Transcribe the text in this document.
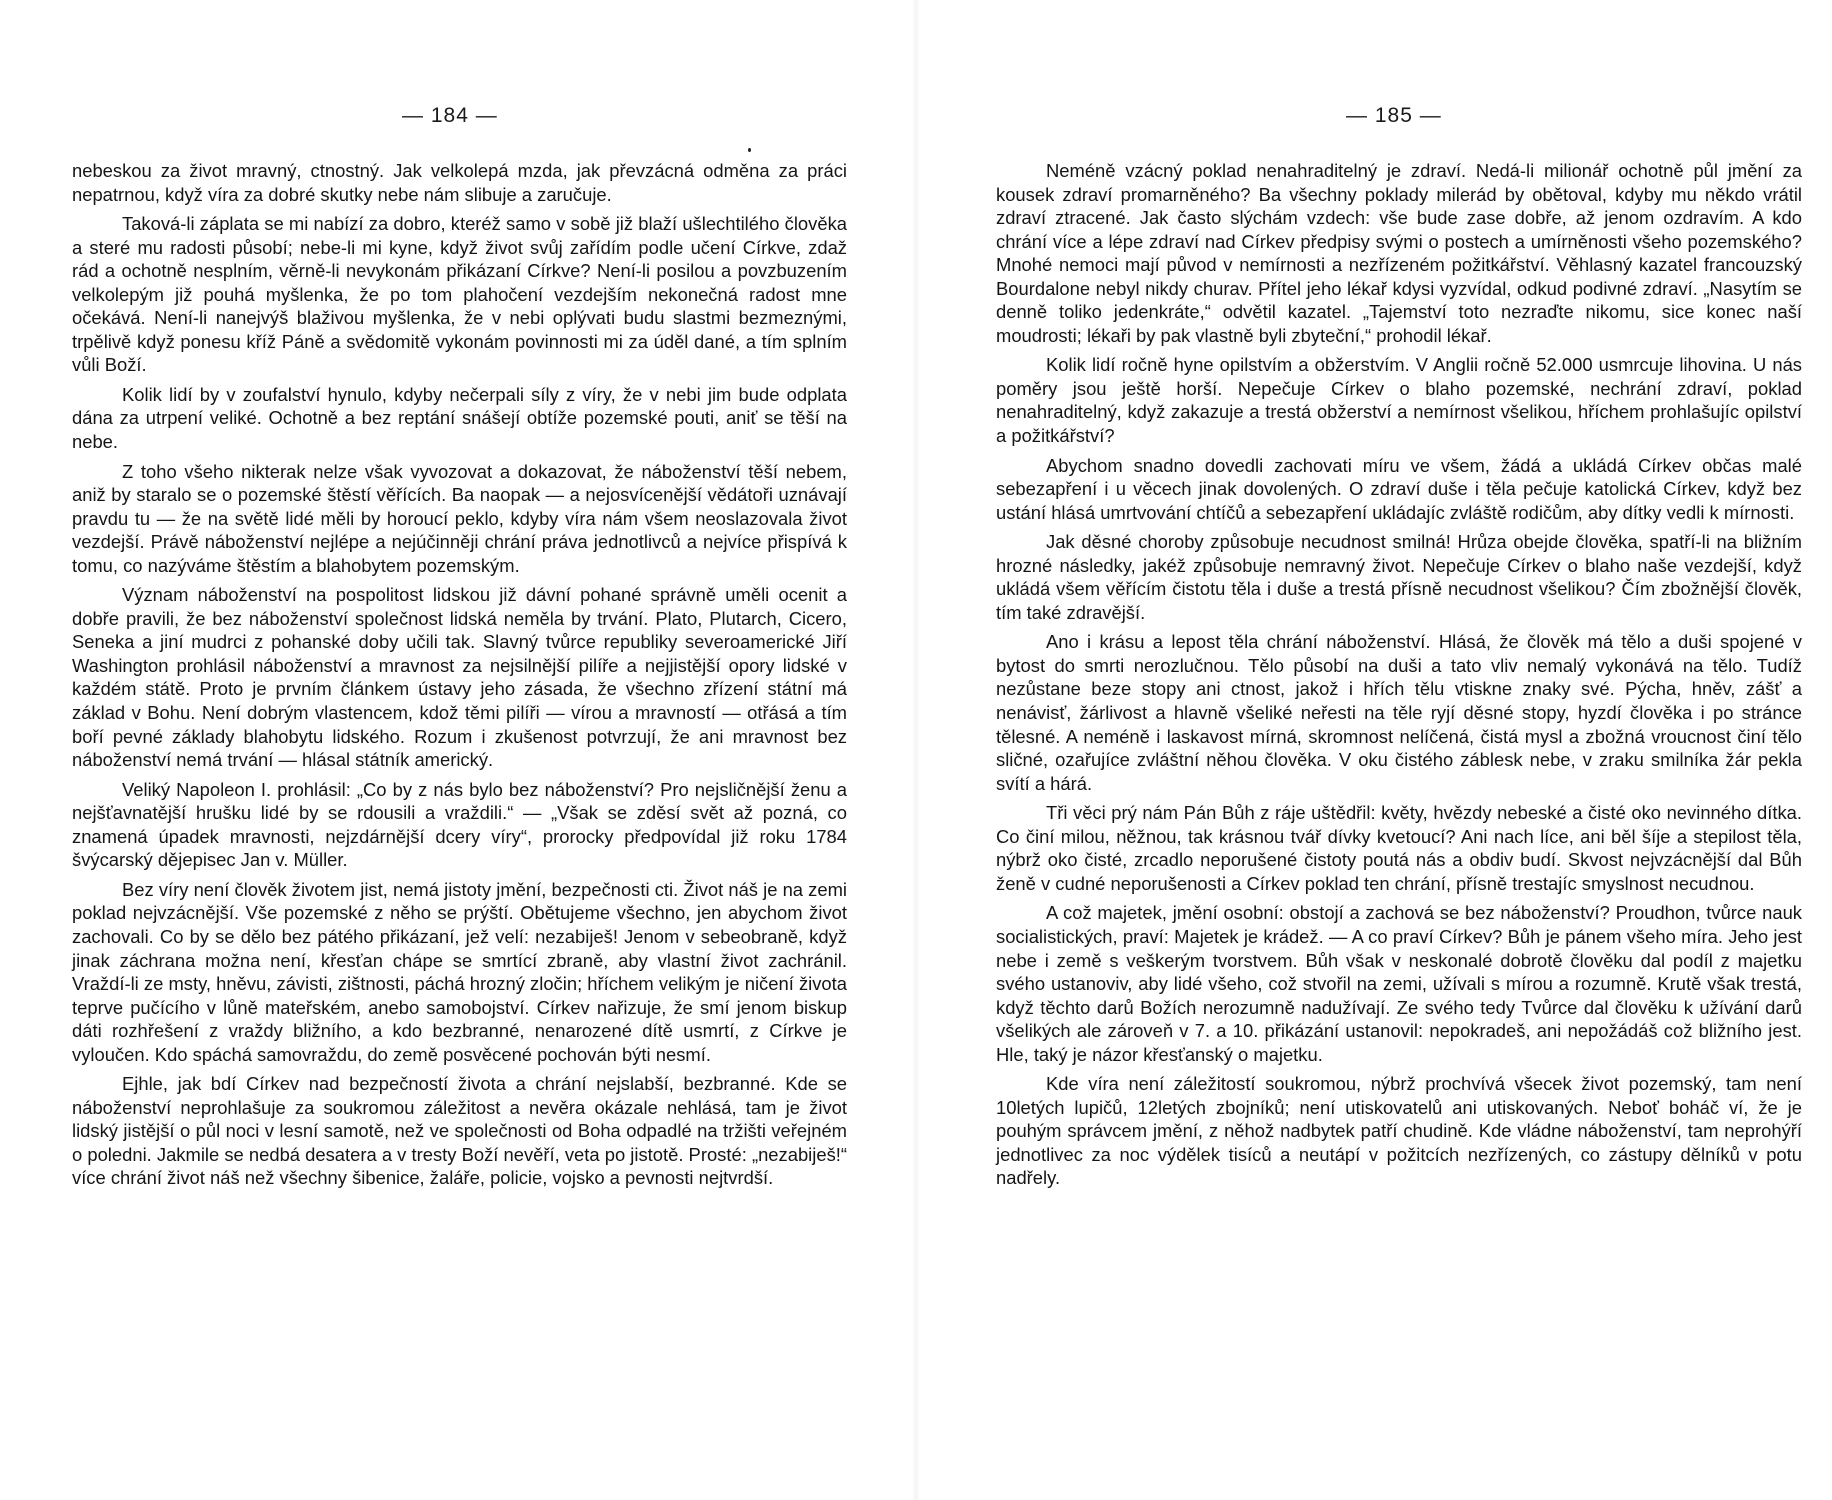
— 184 —

nebeskou za život mravný, ctnostný. Jak velkolepá mzda, jak převzácná odměna za práci nepatrnou, když víra za dobré skutky nebe nám slibuje a zaručuje.

Taková-li záplata se mi nabízí za dobro, kteréž samo v sobě již blaží ušlechtilého člověka a steré mu radosti působí; nebe-li mi kyne, když život svůj zařídím podle učení Církve, zdaž rád a ochotně nesplním, věrně-li nevykonám přikázaní Církve? Není-li posilou a povzbuzením velkolepým již pouhá myšlenka, že po tom plahočení vezdejším nekonečná radost mne očekává. Není-li nanejvýš blaživou myšlenka, že v nebi oplývati budu slastmi bezmeznými, trpělivě když ponesu kříž Páně a svědomitě vykonám povinnosti mi za úděl dané, a tím splním vůli Boží.

Kolik lidí by v zoufalství hynulo, kdyby nečerpali síly z víry, že v nebi jim bude odplata dána za utrpení veliké. Ochotně a bez reptání snášejí obtíže pozemské pouti, aniť se těší na nebe.

Z toho všeho nikterak nelze však vyvozovat a dokazovat, že náboženství těší nebem, aniž by staralo se o pozemské štěstí věřících. Ba naopak — a nejosvícenější vědátoři uznávají pravdu tu — že na světě lidé měli by horoucí peklo, kdyby víra nám všem neoslazovala život vezdejší. Právě náboženství nejlépe a nejúčinněji chrání práva jednotlivců a nejvíce přispívá k tomu, co nazýváme štěstím a blahobytem pozemským.

Význam náboženství na pospolitost lidskou již dávní pohané správně uměli ocenit a dobře pravili, že bez náboženství společnost lidská neměla by trvání. Plato, Plutarch, Cicero, Seneka a jiní mudrci z pohanské doby učili tak. Slavný tvůrce republiky severoamerické Jiří Washington prohlásil náboženství a mravnost za nejsilnější pilíře a nejjistější opory lidské v každém státě. Proto je prvním článkem ústavy jeho zásada, že všechno zřízení státní má základ v Bohu. Není dobrým vlastencem, kdož těmi pilíři — vírou a mravností — otřásá a tím boří pevné základy blahobytu lidského. Rozum i zkušenost potvrzují, že ani mravnost bez náboženství nemá trvání — hlásal státník americký.

Veliký Napoleon I. prohlásil: „Co by z nás bylo bez náboženství? Pro nejsličnější ženu a nejšťavnatější hrušku lidé by se rdousili a vraždili.“ — „Však se zděsí svět až pozná, co znamená úpadek mravnosti, nejzdárnější dcery víry“, prorocky předpovídal již roku 1784 švýcarský dějepisec Jan v. Müller.

Bez víry není člověk životem jist, nemá jistoty jmění, bezpečnosti cti. Život náš je na zemi poklad nejvzácnější. Vše pozemské z něho se prýští. Obětujeme všechno, jen abychom život zachovali. Co by se dělo bez pátého přikázaní, jež velí: nezabiješ! Jenom v sebeobraně, když jinak záchrana možna není, křesťan chápe se smrtící zbraně, aby vlastní život zachránil. Vraždí-li ze msty, hněvu, závisti, zištnosti, páchá hrozný zločin; hříchem velikým je ničení života teprve pučícího v lůně mateřském, anebo samobojství. Církev nařizuje, že smí jenom biskup dáti rozhřešení z vraždy bližního, a kdo bezbranné, nenarozené dítě usmrtí, z Církve je vyloučen. Kdo spáchá samovraždu, do země posvěcené pochován býti nesmí.

Ejhle, jak bdí Církev nad bezpečností života a chrání nejslabší, bezbranné. Kde se náboženství neprohlašuje za soukromou záležitost a nevěra okázale nehlásá, tam je život lidský jistější o půl noci v lesní samotě, než ve společnosti od Boha odpadlé na tržišti veřejném o poledni. Jakmile se nedbá desatera a v tresty Boží nevěří, veta po jistotě. Prosté: „nezabiješ!“ více chrání život náš než všechny šibenice, žaláře, policie, vojsko a pevnosti nejtvrdší.

— 185 —

Neméně vzácný poklad nenahraditelný je zdraví. Nedá-li milionář ochotně půl jmění za kousek zdraví promarněného? Ba všechny poklady milerád by obětoval, kdyby mu někdo vrátil zdraví ztracené. Jak často slýchám vzdech: vše bude zase dobře, až jenom ozdravím. A kdo chrání více a lépe zdraví nad Církev předpisy svými o postech a umírněnosti všeho pozemského? Mnohé nemoci mají původ v nemírnosti a nezřízeném požitkářství. Věhlasný kazatel francouzský Bourdalone nebyl nikdy churav. Přítel jeho lékař kdysi vyzvídal, odkud podivné zdraví. „Nasytím se denně toliko jedenkráte,“ odvětil kazatel. „Tajemství toto nezraďte nikomu, sice konec naší moudrosti; lékaři by pak vlastně byli zbyteční,“ prohodil lékař.

Kolik lidí ročně hyne opilstvím a obžerstvím. V Anglii ročně 52.000 usmrcuje lihovina. U nás poměry jsou ještě horší. Nepečuje Církev o blaho pozemské, nechrání zdraví, poklad nenahraditelný, když zakazuje a trestá obžerství a nemírnost všelikou, hříchem prohlašujíc opilství a požitkářství?

Abychom snadno dovedli zachovati míru ve všem, žádá a ukládá Církev občas malé sebezapření i u věcech jinak dovolených. O zdraví duše i těla pečuje katolická Církev, když bez ustání hlásá umrtvování chtíčů a sebezapření ukládajíc zvláště rodičům, aby dítky vedli k mírnosti.

Jak děsné choroby způsobuje necudnost smilná! Hrůza obejde člověka, spatří-li na bližním hrozné následky, jakéž způsobuje nemravný život. Nepečuje Církev o blaho naše vezdejší, když ukládá všem věřícím čistotu těla i duše a trestá přísně necudnost všelikou? Čím zbožnější člověk, tím také zdravější.

Ano i krásu a lepost těla chrání náboženství. Hlásá, že člověk má tělo a duši spojené v bytost do smrti nerozlučnou. Tělo působí na duši a tato vliv nemalý vykonává na tělo. Tudíž nezůstane beze stopy ani ctnost, jakož i hřích tělu vtiskne znaky své. Pýcha, hněv, zášť a nenávisť, žárlivost a hlavně všeliké neřesti na těle ryjí děsné stopy, hyzdí člověka i po stránce tělesné. A neméně i laskavost mírná, skromnost nelíčená, čistá mysl a zbožná vroucnost činí tělo sličné, ozařujíce zvláštní něhou člověka. V oku čistého záblesk nebe, v zraku smilníka žár pekla svítí a hárá.

Tři věci prý nám Pán Bůh z ráje uštědřil: květy, hvězdy nebeské a čisté oko nevinného dítka. Co činí milou, něžnou, tak krásnou tvář dívky kvetoucí? Ani nach líce, ani běl šíje a stepilost těla, nýbrž oko čisté, zrcadlo neporušené čistoty poutá nás a obdiv budí. Skvost nejvzácnější dal Bůh ženě v cudné neporušenosti a Církev poklad ten chrání, přísně trestajíc smyslnost necudnou.

A což majetek, jmění osobní: obstojí a zachová se bez náboženství? Proudhon, tvůrce nauk socialistických, praví: Majetek je krádež. — A co praví Církev? Bůh je pánem všeho míra. Jeho jest nebe i země s veškerým tvorstvem. Bůh však v neskonalé dobrotě člověku dal podíl z majetku svého ustanoviv, aby lidé všeho, což stvořil na zemi, užívali s mírou a rozumně. Krutě však trestá, když těchto darů Božích nerozumně nadužívají. Ze svého tedy Tvůrce dal člověku k užívání darů všelikých ale zároveň v 7. a 10. přikázání ustanovil: nepokradeš, ani nepožádáš což bližního jest. Hle, taký je názor křesťanský o majetku.

Kde víra není záležitostí soukromou, nýbrž prochvívá všecek život pozemský, tam není 10letých lupičů, 12letých zbojníků; není utiskovatelů ani utiskovaných. Neboť boháč ví, že je pouhým správcem jmění, z něhož nadbytek patří chudině. Kde vládne náboženství, tam neprohýří jednotlivec za noc výdělek tisíců a neutápí v požitcích nezřízených, co zástupy dělníků v potu nadřely.
